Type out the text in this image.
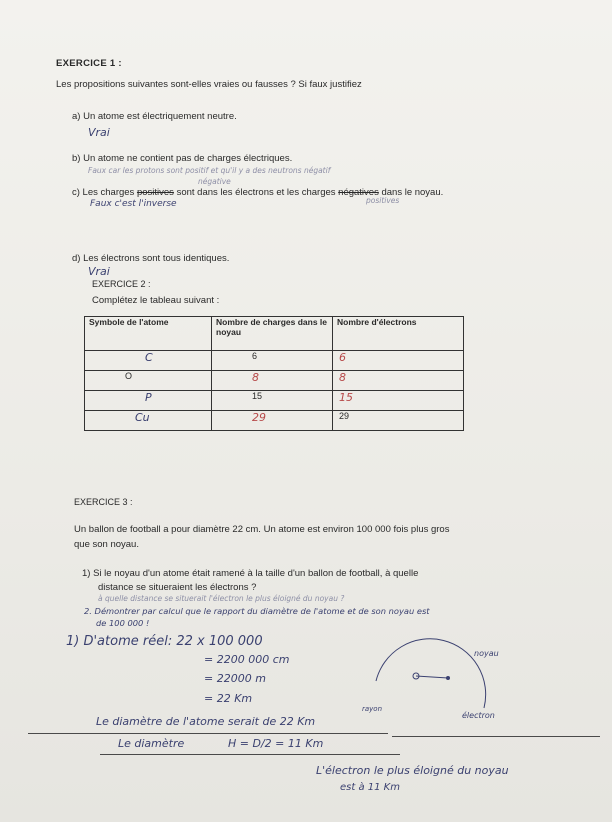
EXERCICE 1 :
Les propositions suivantes sont-elles vraies ou fausses ? Si faux justifiez
a) Un atome est électriquement neutre.
Vrai
b) Un atome ne contient pas de charges électriques.
Faux car les protons sont positif et qu'il y a des neutrons négatif
négative
c) Les charges positives sont dans les électrons et les charges négatives dans le noyau.
positives
Faux c'est l'inverse
d) Les électrons sont tous identiques.
Vrai
EXERCICE 2 :
Complétez le tableau suivant :
Symbole de l'atome	Nombre de charges dans le noyau	Nombre d'électrons
C	6	6
O	8	8
P	15	15
Cu	29	29
EXERCICE 3 :
Un ballon de football a pour diamètre 22 cm. Un atome est environ 100 000 fois plus gros
que son noyau.
1) Si le noyau d'un atome était ramené à la taille d'un ballon de football, à quelle
distance se situeraient les électrons ?
à quelle distance se situerait l'électron le plus éloigné du noyau ?
2. Démontrer par calcul que le rapport du diamètre de l'atome et de son noyau est
de 100 000 !
1) D'atome réel: 22 x 100 000
= 2200 000 cm
= 22000 m
= 22 Km
Le diamètre de l'atome serait de 22 Km
Le diamètre	H = D/2 = 11 Km
L'électron le plus éloigné du noyau
est à 11 Km
noyau
rayon
électron
